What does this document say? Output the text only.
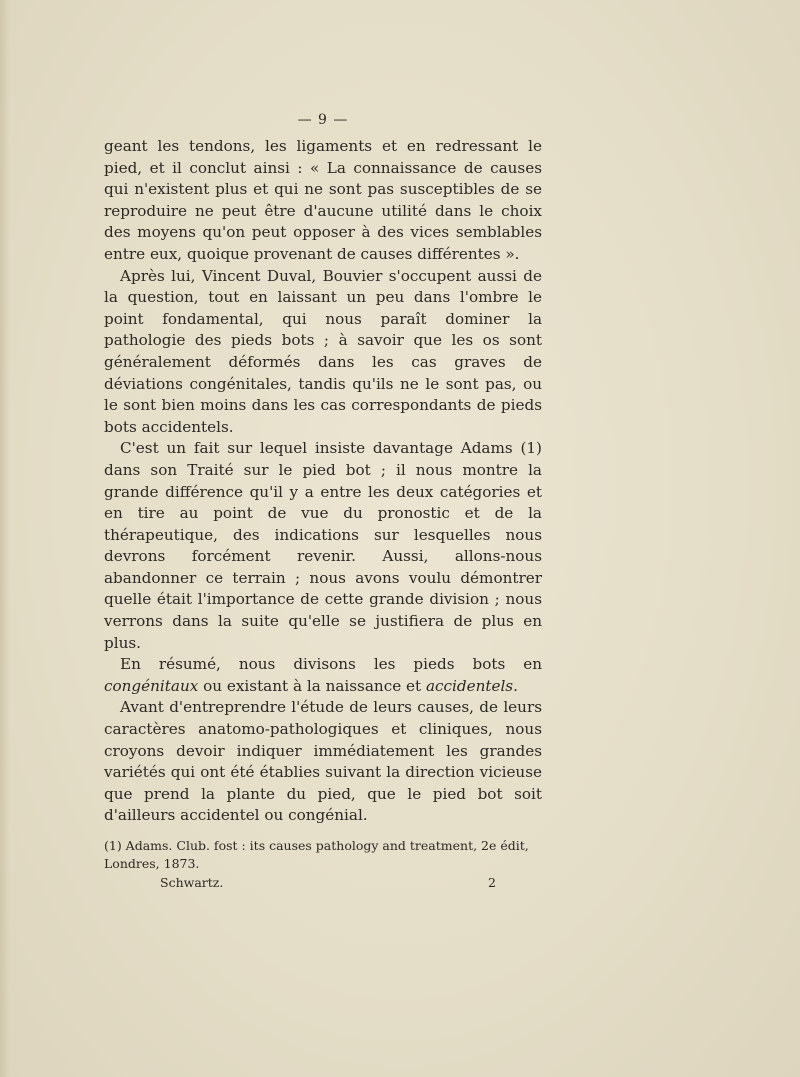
— 9 —

geant les tendons, les ligaments et en redressant le pied, et il conclut ainsi : « La connaissance de causes qui n'existent plus et qui ne sont pas susceptibles de se reproduire ne peut être d'aucune utilité dans le choix des moyens qu'on peut opposer à des vices semblables entre eux, quoique provenant de causes différentes ».

Après lui, Vincent Duval, Bouvier s'occupent aussi de la question, tout en laissant un peu dans l'ombre le point fondamental, qui nous paraît dominer la pathologie des pieds bots ; à savoir que les os sont généralement déformés dans les cas graves de déviations congénitales, tandis qu'ils ne le sont pas, ou le sont bien moins dans les cas correspondants de pieds bots accidentels.

C'est un fait sur lequel insiste davantage Adams (1) dans son Traité sur le pied bot ; il nous montre la grande différence qu'il y a entre les deux catégories et en tire au point de vue du pronostic et de la thérapeutique, des indications sur lesquelles nous devrons forcément revenir. Aussi, allons-nous abandonner ce terrain ; nous avons voulu démontrer quelle était l'importance de cette grande division ; nous verrons dans la suite qu'elle se justifiera de plus en plus.

En résumé, nous divisons les pieds bots en congénitaux ou existant à la naissance et accidentels.

Avant d'entreprendre l'étude de leurs causes, de leurs caractères anatomo-pathologiques et cliniques, nous croyons devoir indiquer immédiatement les grandes variétés qui ont été établies suivant la direction vicieuse que prend la plante du pied, que le pied bot soit d'ailleurs accidentel ou congénial.

(1) Adams. Club. fost : its causes pathology and treatment, 2e édit, Londres, 1873.

Schwartz.	2
